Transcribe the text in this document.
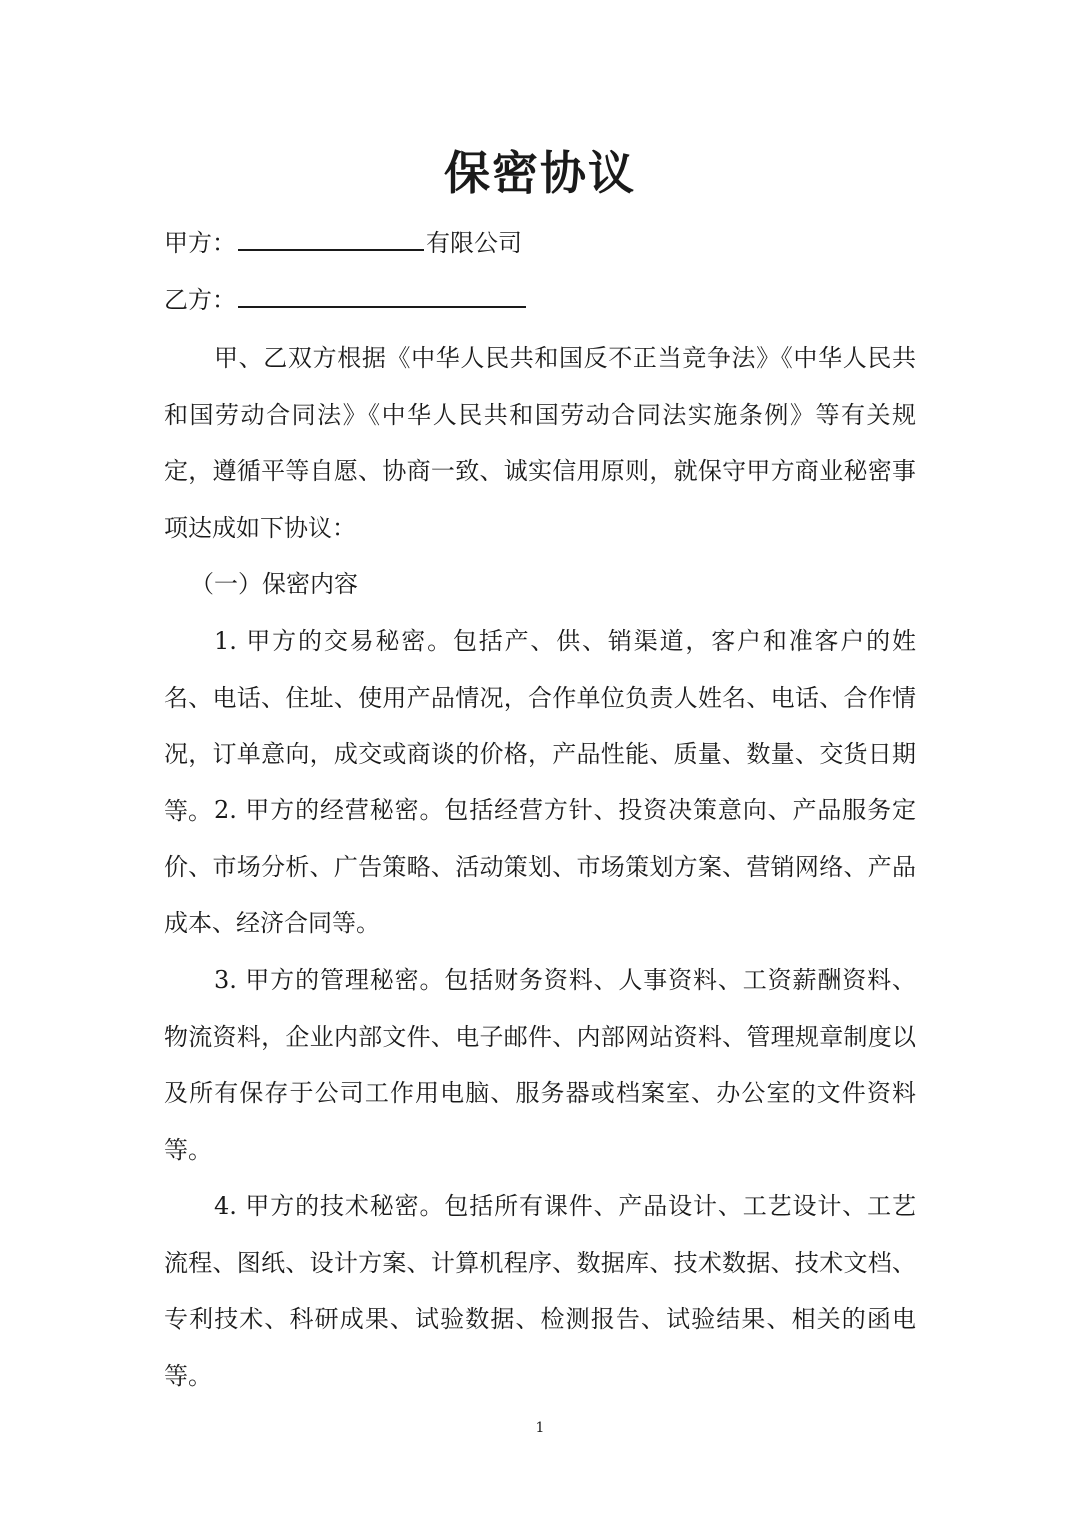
保密协议
甲方：	有限公司
乙方：
甲、乙双方根据《中华人民共和国反不正当竞争法》《中华人民共和国劳动合同法》《中华人民共和国劳动合同法实施条例》等有关规定，遵循平等自愿、协商一致、诚实信用原则，就保守甲方商业秘密事项达成如下协议：
（一）保密内容
1. 甲方的交易秘密。包括产、供、销渠道，客户和准客户的姓名、电话、住址、使用产品情况，合作单位负责人姓名、电话、合作情况，订单意向，成交或商谈的价格，产品性能、质量、数量、交货日期等。 2. 甲方的经营秘密。包括经营方针、投资决策意向、产品服务定价、市场分析、广告策略、活动策划、市场策划方案、营销网络、产品成本、经济合同等。
3. 甲方的管理秘密。包括财务资料、人事资料、工资薪酬资料、物流资料，企业内部文件、电子邮件、内部网站资料、管理规章制度以及所有保存于公司工作用电脑、服务器或档案室、办公室的文件资料等。
4. 甲方的技术秘密。包括所有课件、产品设计、工艺设计、工艺流程、图纸、设计方案、计算机程序、数据库、技术数据、技术文档、专利技术、科研成果、试验数据、检测报告、试验结果、相关的函电等。
1
